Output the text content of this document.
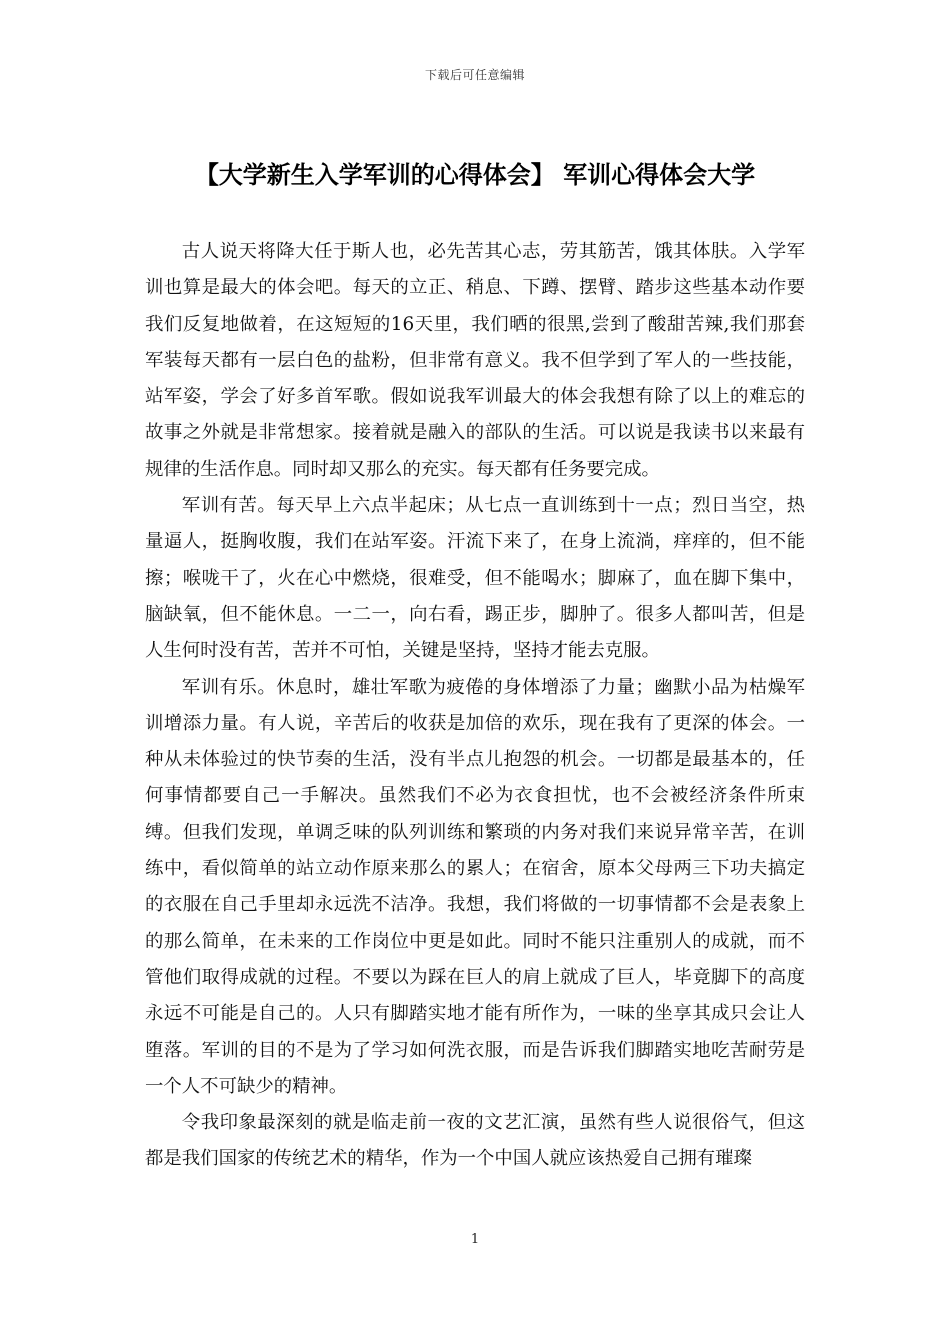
下载后可任意编辑
【大学新生入学军训的心得体会】 军训心得体会大学

古人说天将降大任于斯人也，必先苦其心志，劳其筋苦，饿其体肤。入学军训也算是最大的体会吧。每天的立正、稍息、下蹲、摆臂、踏步这些基本动作要我们反复地做着，在这短短的16天里，我们晒的很黑,尝到了酸甜苦辣,我们那套军装每天都有一层白色的盐粉，但非常有意义。我不但学到了军人的一些技能，站军姿，学会了好多首军歌。假如说我军训最大的体会我想有除了以上的难忘的故事之外就是非常想家。接着就是融入的部队的生活。可以说是我读书以来最有规律的生活作息。同时却又那么的充实。每天都有任务要完成。

军训有苦。每天早上六点半起床；从七点一直训练到十一点；烈日当空，热量逼人，挺胸收腹，我们在站军姿。汗流下来了，在身上流淌，痒痒的，但不能擦；喉咙干了，火在心中燃烧，很难受，但不能喝水；脚麻了，血在脚下集中，脑缺氧，但不能休息。一二一，向右看，踢正步，脚肿了。很多人都叫苦，但是人生何时没有苦，苦并不可怕，关键是坚持，坚持才能去克服。

军训有乐。休息时，雄壮军歌为疲倦的身体增添了力量；幽默小品为枯燥军训增添力量。有人说，辛苦后的收获是加倍的欢乐，现在我有了更深的体会。一种从未体验过的快节奏的生活，没有半点儿抱怨的机会。一切都是最基本的，任何事情都要自己一手解决。虽然我们不必为衣食担忧，也不会被经济条件所束缚。但我们发现，单调乏味的队列训练和繁琐的内务对我们来说异常辛苦，在训练中，看似简单的站立动作原来那么的累人；在宿舍，原本父母两三下功夫搞定的衣服在自己手里却永远洗不洁净。我想，我们将做的一切事情都不会是表象上的那么简单，在未来的工作岗位中更是如此。同时不能只注重别人的成就，而不管他们取得成就的过程。不要以为踩在巨人的肩上就成了巨人，毕竟脚下的高度永远不可能是自己的。人只有脚踏实地才能有所作为，一味的坐享其成只会让人堕落。军训的目的不是为了学习如何洗衣服，而是告诉我们脚踏实地吃苦耐劳是一个人不可缺少的精神。

令我印象最深刻的就是临走前一夜的文艺汇演，虽然有些人说很俗气，但这都是我们国家的传统艺术的精华，作为一个中国人就应该热爱自己拥有璀璨

1
